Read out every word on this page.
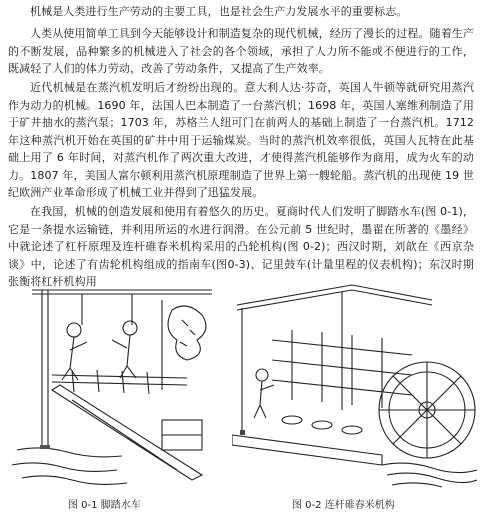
机械是人类进行生产劳动的主要工具，也是社会生产力发展水平的重要标志。

人类从使用简单工具到今天能够设计和制造复杂的现代机械，经历了漫长的过程。随着生产的不断发展，品种繁多的机械进入了社会的各个领域，承担了人力所不能或不便进行的工作，既减轻了人们的体力劳动，改善了劳动条件，又提高了生产效率。

近代机械是在蒸汽机发明后才纷纷出现的。意大利人达·芬奇，英国人牛顿等就研究用蒸汽作为动力的机械。1690 年，法国人巴本制造了一台蒸汽机；1698 年，英国人塞维利制造了用于矿井抽水的蒸汽泵；1703 年，苏格兰人纽可门在前两人的基础上制造了一台蒸汽机。1712 年这种蒸汽机开始在英国的矿井中用于运输煤炭。当时的蒸汽机效率很低，英国人瓦特在此基础上用了 6 年时间，对蒸汽机作了两次重大改进，才使得蒸汽机能够作为商用，成为火车的动力。1807 年，美国人富尔顿利用蒸汽机原理制造了世界上第一艘轮船。蒸汽机的出现使 19 世纪欧洲产业革命形成了机械工业并得到了迅猛发展。

在我国，机械的创造发展和使用有着悠久的历史。夏商时代人们发明了脚踏水车(图 0-1)，它是一条提水运输链，并利用所运的水进行润滑。在公元前 5 世纪时，墨翟在所著的《墨经》中就论述了杠杆原理及连杆碓春米机构采用的凸轮机构(图 0-2)；西汉时期，刘歆在《西京杂谈》中，论述了有齿轮机构组成的指南车(图0-3)、记里鼓车(计量里程的仪表机构)；东汉时期张衡将杠杆机构用

图 0-1 脚踏水车	图 0-2 连杆碓舂米机构
